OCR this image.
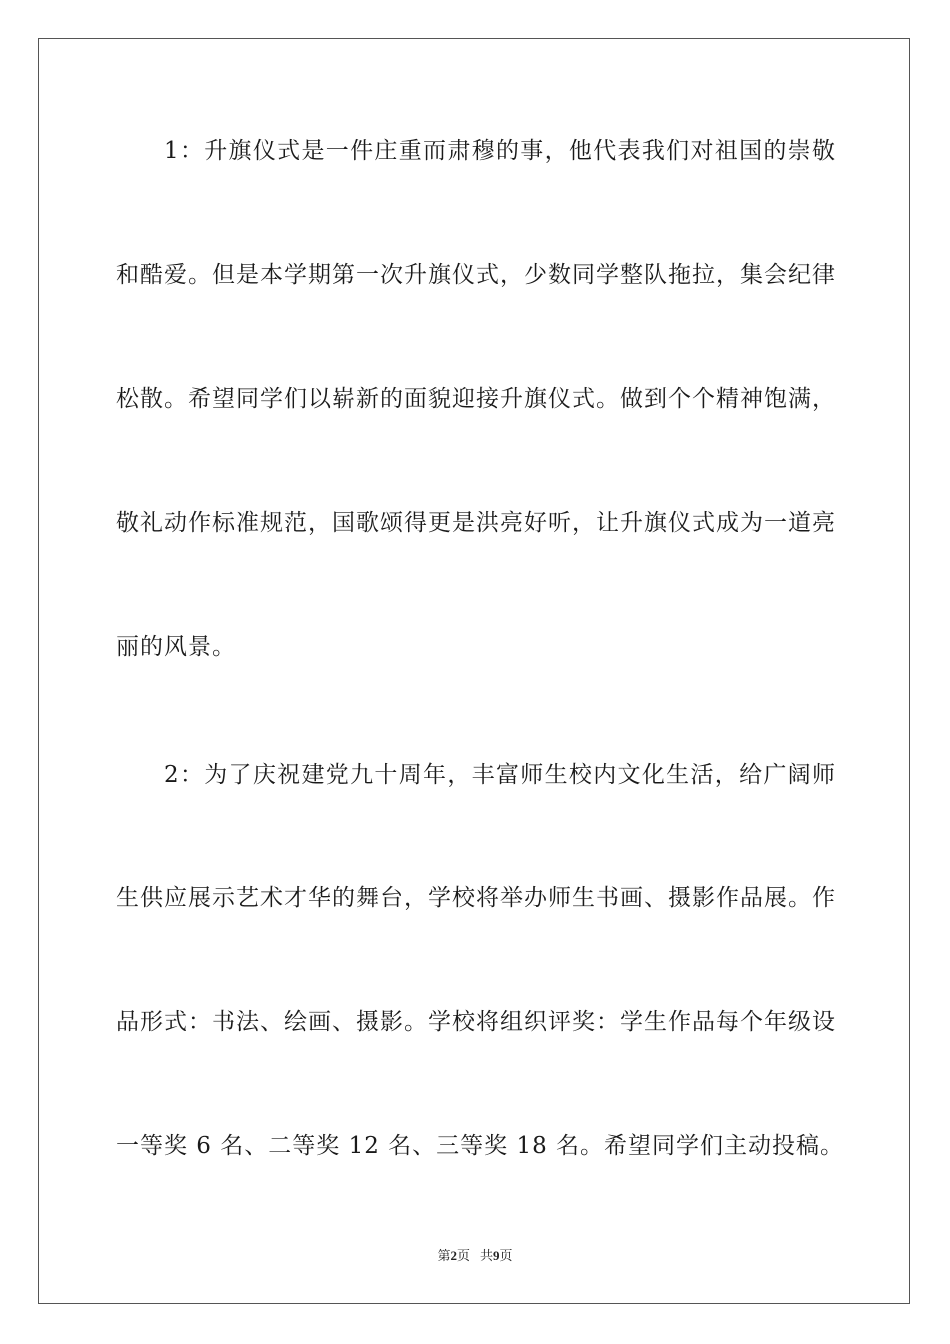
1：升旗仪式是一件庄重而肃穆的事，他代表我们对祖国的崇敬
和酷爱。但是本学期第一次升旗仪式，少数同学整队拖拉，集会纪律
松散。希望同学们以崭新的面貌迎接升旗仪式。做到个个精神饱满，
敬礼动作标准规范，国歌颂得更是洪亮好听，让升旗仪式成为一道亮
丽的风景。
2：为了庆祝建党九十周年，丰富师生校内文化生活，给广阔师
生供应展示艺术才华的舞台，学校将举办师生书画、摄影作品展。作
品形式：书法、绘画、摄影。学校将组织评奖：学生作品每个年级设
一等奖 6 名、二等奖 12 名、三等奖 18 名。希望同学们主动投稿。
第2页 共9页
